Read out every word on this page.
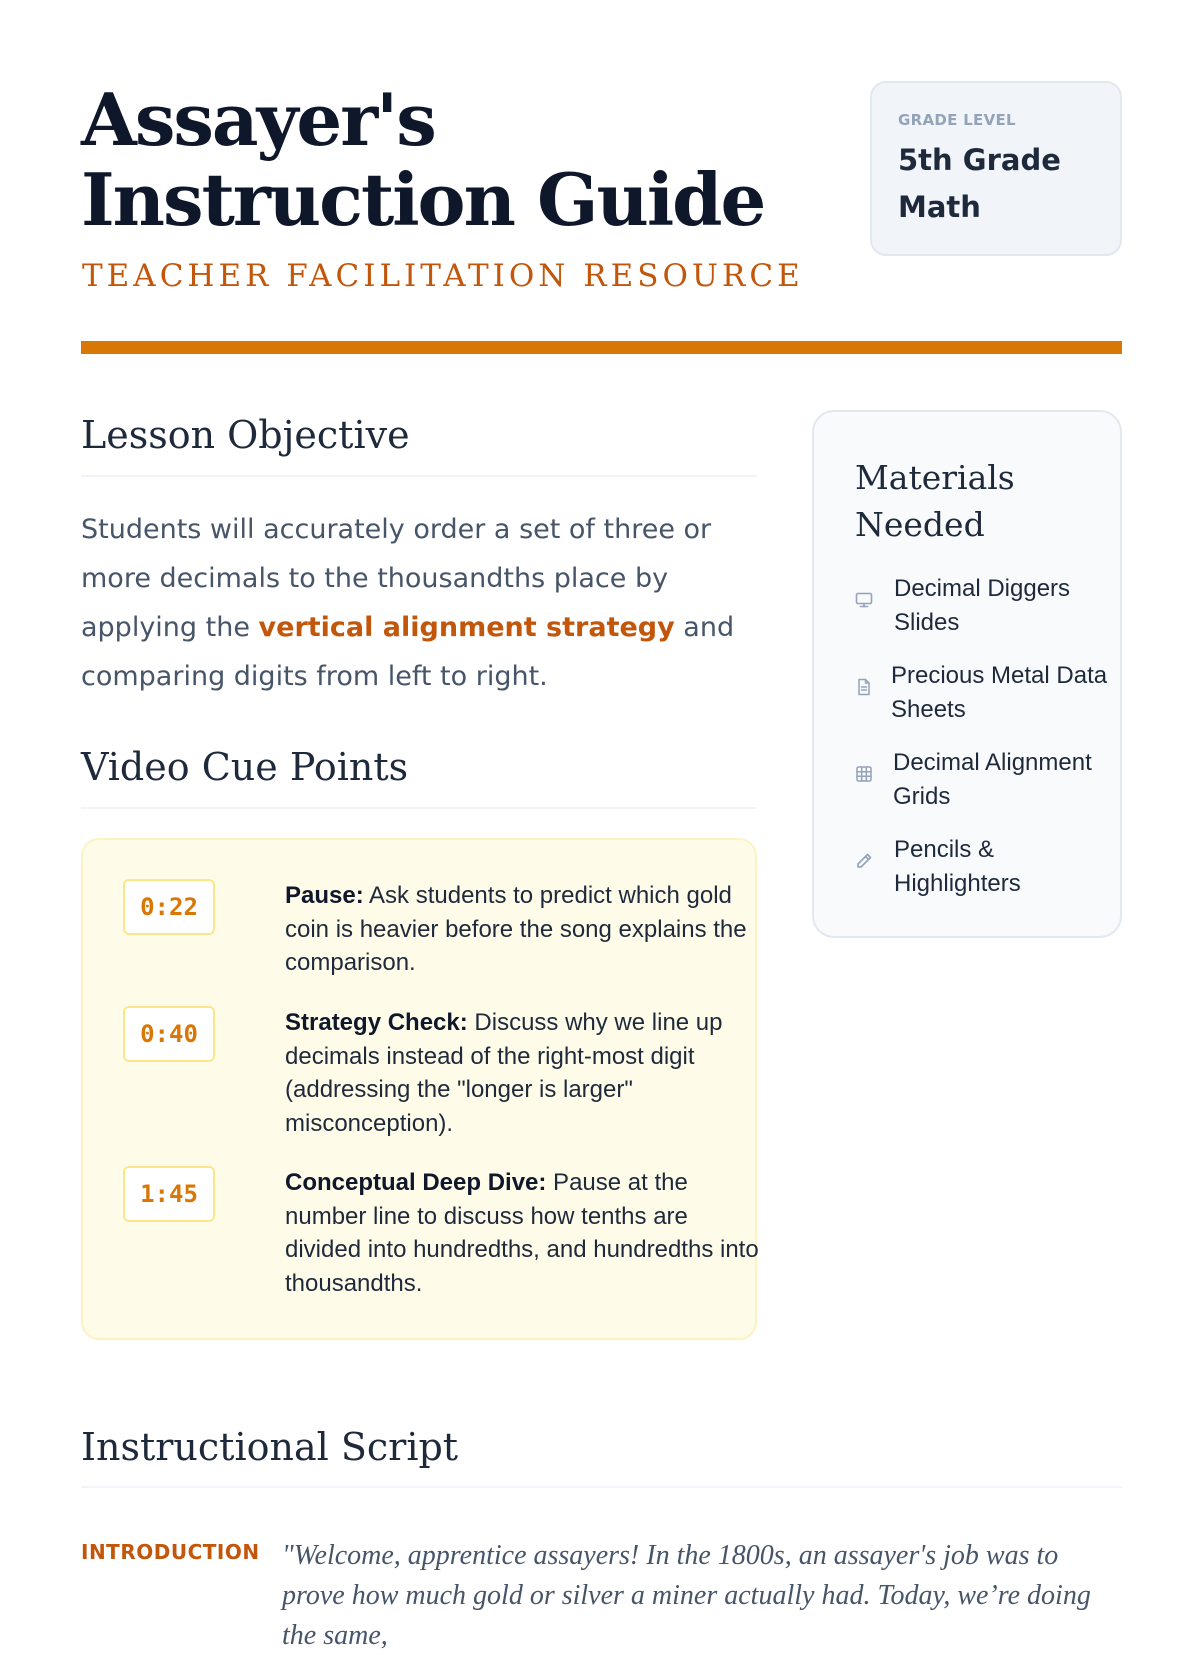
Assayer's Instruction Guide
TEACHER FACILITATION RESOURCE
GRADE LEVEL
5th Grade Math
Lesson Objective

Students will accurately order a set of three or more decimals to the thousandths place by applying the vertical alignment strategy and comparing digits from left to right.

Video Cue Points
0:22	Pause: Ask students to predict which gold coin is heavier before the song explains the comparison.

0:40	Strategy Check: Discuss why we line up decimals instead of the right-most digit (addressing the "longer is larger" misconception).

1:45	Conceptual Deep Dive: Pause at the number line to discuss how tenths are divided into hundredths, and hundredths into thousandths.

Materials Needed
Decimal Diggers Slides
Precious Metal Data Sheets
Decimal Alignment Grids
Pencils & Highlighters
Instructional Script
INTRODUCTION "Welcome, apprentice assayers! In the 1800s, an assayer's job was to prove how much gold or silver a miner actually had. Today, we’re doing the same,
